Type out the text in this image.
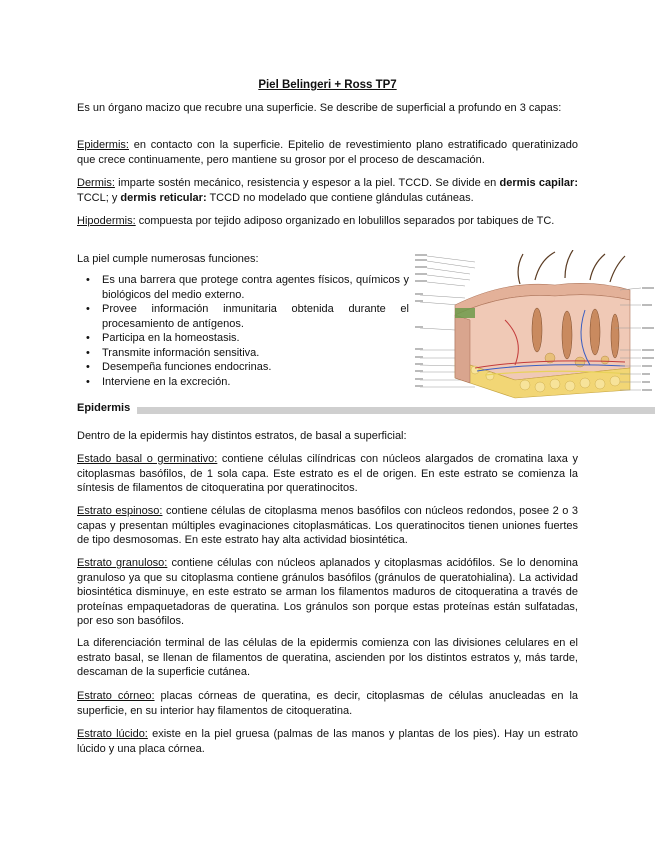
Piel Belingeri + Ross TP7

Es un órgano macizo que recubre una superficie. Se describe de superficial a profundo en 3 capas:

Epidermis: en contacto con la superficie. Epitelio de revestimiento plano estratificado queratinizado que crece continuamente, pero mantiene su grosor por el proceso de descamación.

Dermis: imparte sostén mecánico, resistencia y espesor a la piel. TCCD. Se divide en dermis capilar: TCCL; y dermis reticular: TCCD no modelado que contiene glándulas cutáneas.

Hipodermis: compuesta por tejido adiposo organizado en lobulillos separados por tabiques de TC.

La piel cumple numerosas funciones:

• Es una barrera que protege contra agentes físicos, químicos y biológicos del medio externo.
• Provee información inmunitaria obtenida durante el procesamiento de antígenos.
• Participa en la homeostasis.
• Transmite información sensitiva.
• Desempeña funciones endocrinas.
• Interviene en la excreción.
Epidermis

Dentro de la epidermis hay distintos estratos, de basal a superficial:

Estado basal o germinativo: contiene células cilíndricas con núcleos alargados de cromatina laxa y citoplasmas basófilos, de 1 sola capa. Este estrato es el de origen. En este estrato se comienza la síntesis de filamentos de citoqueratina por queratinocitos.

Estrato espinoso: contiene células de citoplasma menos basófilos con núcleos redondos, posee 2 o 3 capas y presentan múltiples evaginaciones citoplasmáticas. Los queratinocitos tienen uniones fuertes de tipo desmosomas. En este estrato hay alta actividad biosintética.

Estrato granuloso: contiene células con núcleos aplanados y citoplasmas acidófilos. Se lo denomina granuloso ya que su citoplasma contiene gránulos basófilos (gránulos de queratohialina). La actividad biosintética disminuye, en este estrato se arman los filamentos maduros de citoqueratina a través de proteínas empaquetadoras de queratina. Los gránulos son porque estas proteínas están sulfatadas, por eso son basófilos.

La diferenciación terminal de las células de la epidermis comienza con las divisiones celulares en el estrato basal, se llenan de filamentos de queratina, ascienden por los distintos estratos y, más tarde, descaman de la superficie cutánea.

Estrato córneo: placas córneas de queratina, es decir, citoplasmas de células anucleadas en la superficie, en su interior hay filamentos de citoqueratina.

Estrato lúcido: existe en la piel gruesa (palmas de las manos y plantas de los pies). Hay un estrato lúcido y una placa córnea.
